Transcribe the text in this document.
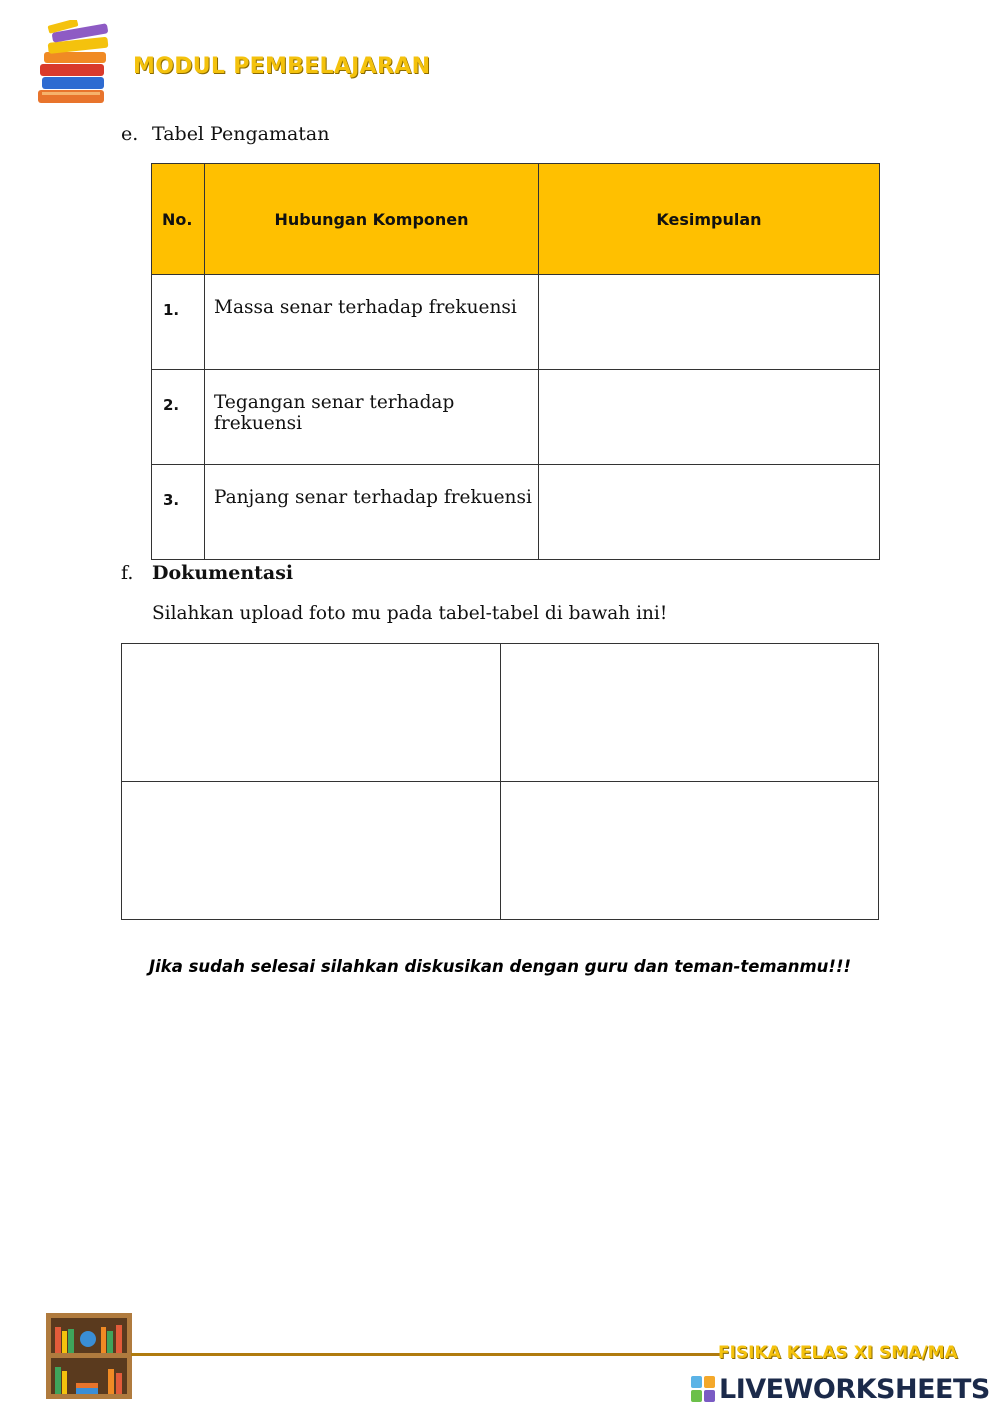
MODUL PEMBELAJARAN
e. Tabel Pengamatan
No.	Hubungan Komponen	Kesimpulan
1.	Massa senar terhadap frekuensi	
2.	Tegangan senar terhadap frekuensi	
3.	Panjang senar terhadap frekuensi	
f. Dokumentasi
Silahkan upload foto mu pada tabel-tabel di bawah ini!

Jika sudah selesai silahkan diskusikan dengan guru dan teman-temanmu!!!
FISIKA KELAS XI SMA/MA
LIVEWORKSHEETS
